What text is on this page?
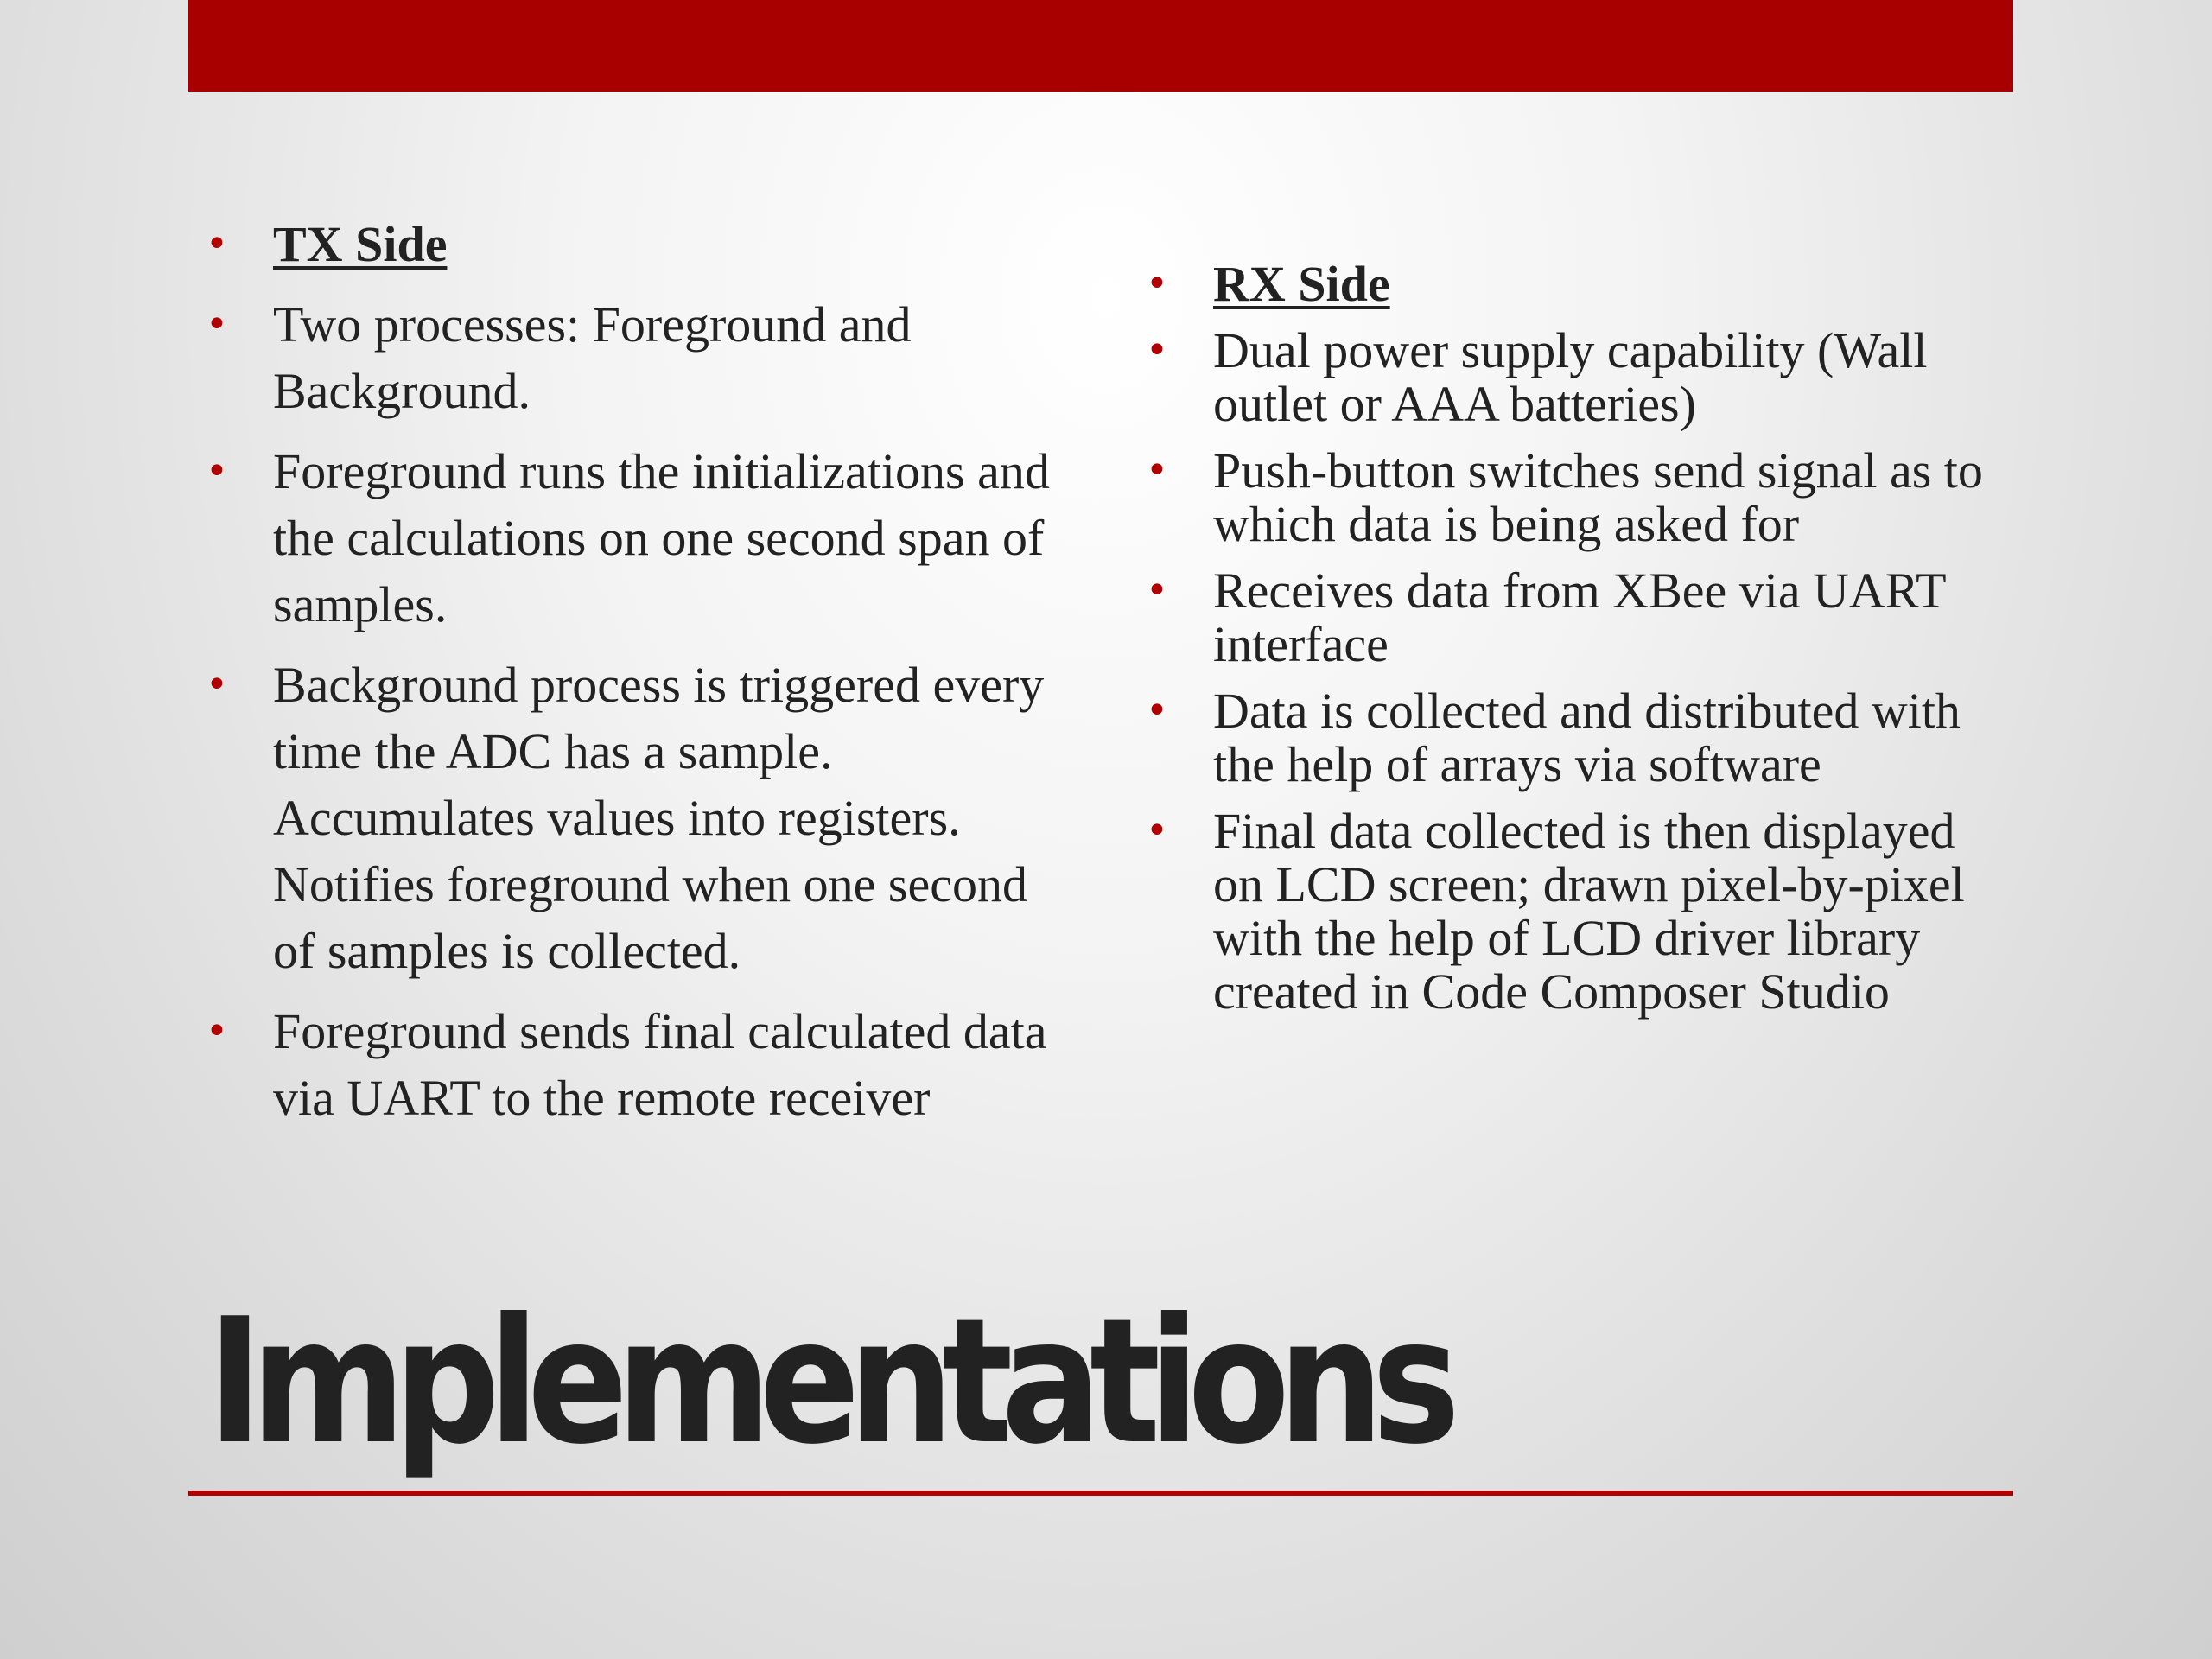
• TX Side
• Two processes: Foreground and Background.
• Foreground runs the initializations and the calculations on one second span of samples.
• Background process is triggered every time the ADC has a sample. Accumulates values into registers. Notifies foreground when one second of samples is collected.
• Foreground sends final calculated data via UART to the remote receiver
• RX Side
• Dual power supply capability (Wall outlet or AAA batteries)
• Push-button switches send signal as to which data is being asked for
• Receives data from XBee via UART interface
• Data is collected and distributed with the help of arrays via software
• Final data collected is then displayed on LCD screen; drawn pixel-by-pixel with the help of LCD driver library created in Code Composer Studio
Implementations
